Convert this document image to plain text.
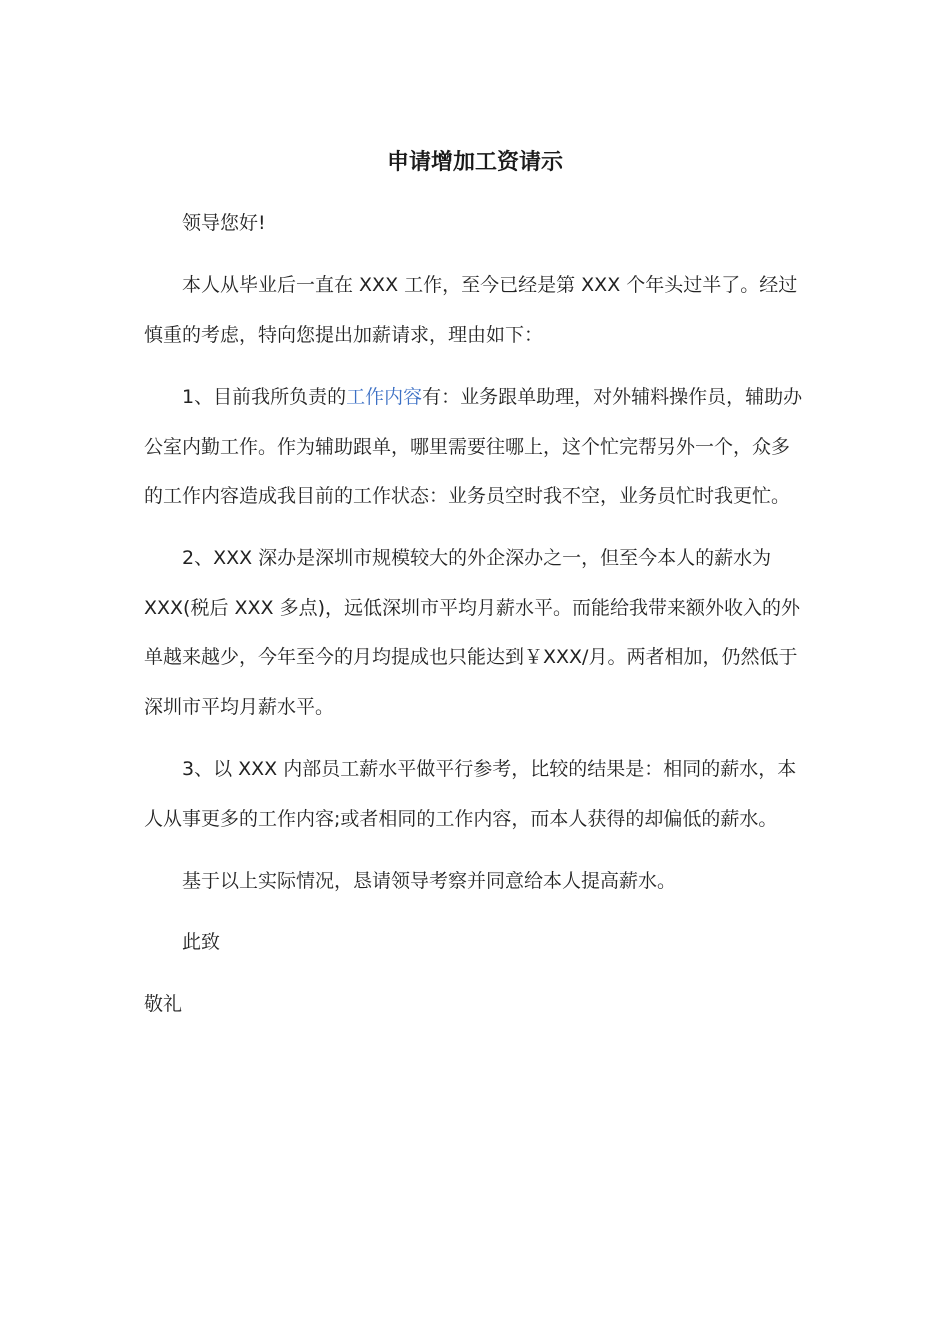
申请增加工资请示
领导您好!
本人从毕业后一直在 XXX 工作，至今已经是第 XXX 个年头过半了。经过
慎重的考虑，特向您提出加薪请求，理由如下：
1、目前我所负责的工作内容有：业务跟单助理，对外辅料操作员，辅助办
公室内勤工作。作为辅助跟单，哪里需要往哪上，这个忙完帮另外一个，众多
的工作内容造成我目前的工作状态：业务员空时我不空，业务员忙时我更忙。
2、XXX 深办是深圳市规模较大的外企深办之一，但至今本人的薪水为
XXX(税后 XXX 多点)，远低深圳市平均月薪水平。而能给我带来额外收入的外
单越来越少，今年至今的月均提成也只能达到￥XXX/月。两者相加，仍然低于
深圳市平均月薪水平。
3、以 XXX 内部员工薪水平做平行参考，比较的结果是：相同的薪水，本
人从事更多的工作内容;或者相同的工作内容，而本人获得的却偏低的薪水。
基于以上实际情况，恳请领导考察并同意给本人提高薪水。
此致
敬礼
